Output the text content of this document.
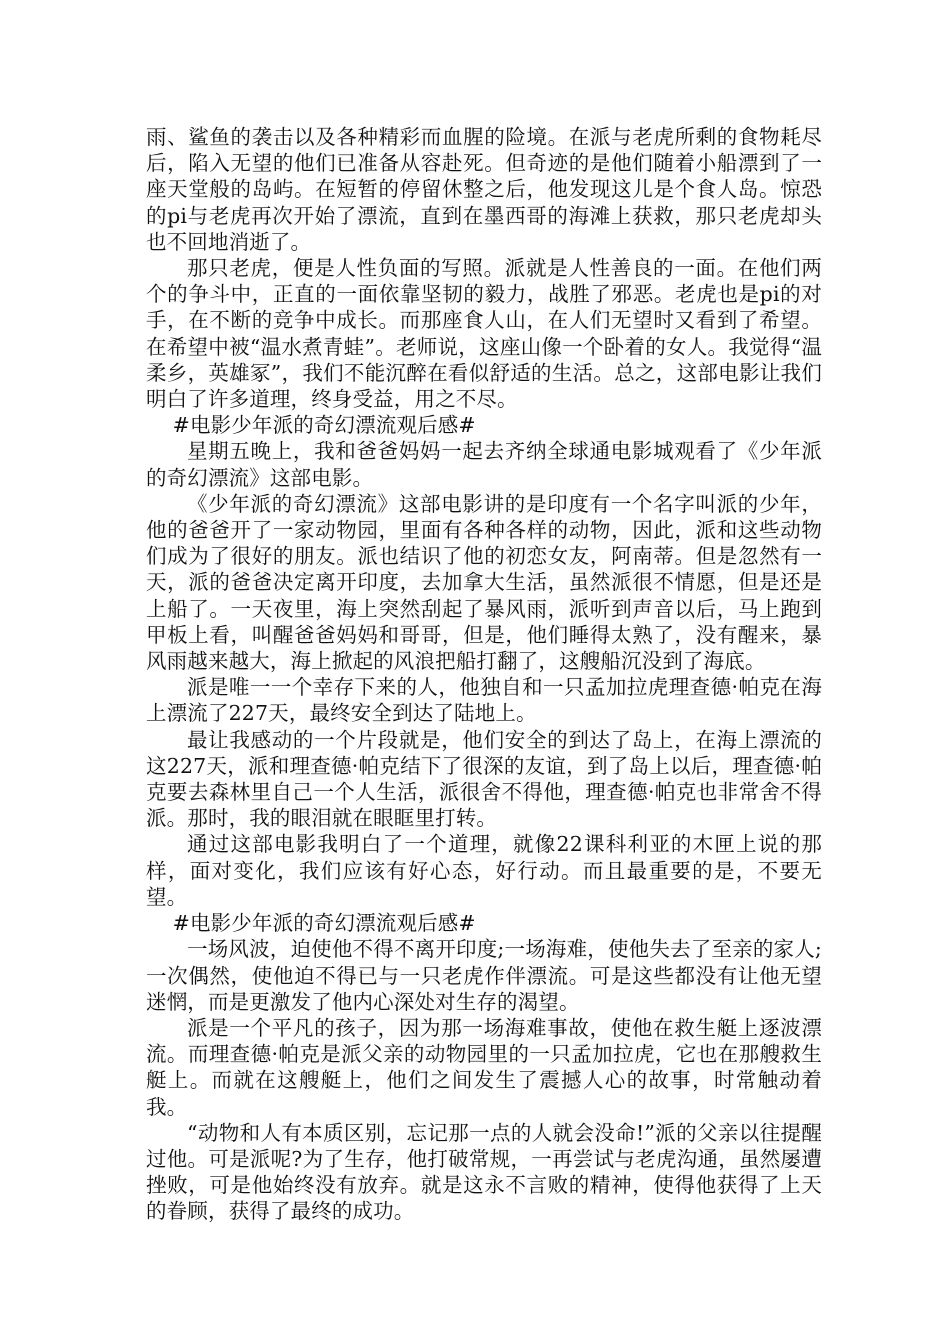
雨、鲨鱼的袭击以及各种精彩而血腥的险境。在派与老虎所剩的食物耗尽后，陷入无望的他们已准备从容赴死。但奇迹的是他们随着小船漂到了一座天堂般的岛屿。在短暂的停留休整之后，他发现这儿是个食人岛。惊恐的pi与老虎再次开始了漂流，直到在墨西哥的海滩上获救，那只老虎却头也不回地消逝了。

那只老虎，便是人性负面的写照。派就是人性善良的一面。在他们两个的争斗中，正直的一面依靠坚韧的毅力，战胜了邪恶。老虎也是pi的对手，在不断的竞争中成长。而那座食人山，在人们无望时又看到了希望。在希望中被“温水煮青蛙”。老师说，这座山像一个卧着的女人。我觉得“温柔乡，英雄冢”，我们不能沉醉在看似舒适的生活。总之，这部电影让我们明白了许多道理，终身受益，用之不尽。

#电影少年派的奇幻漂流观后感#

星期五晚上，我和爸爸妈妈一起去齐纳全球通电影城观看了《少年派的奇幻漂流》这部电影。

《少年派的奇幻漂流》这部电影讲的是印度有一个名字叫派的少年，他的爸爸开了一家动物园，里面有各种各样的动物，因此，派和这些动物们成为了很好的朋友。派也结识了他的初恋女友，阿南蒂。但是忽然有一天，派的爸爸决定离开印度，去加拿大生活，虽然派很不情愿，但是还是上船了。一天夜里，海上突然刮起了暴风雨，派听到声音以后，马上跑到甲板上看，叫醒爸爸妈妈和哥哥，但是，他们睡得太熟了，没有醒来，暴风雨越来越大，海上掀起的风浪把船打翻了，这艘船沉没到了海底。

派是唯一一个幸存下来的人，他独自和一只孟加拉虎理查德·帕克在海上漂流了227天，最终安全到达了陆地上。

最让我感动的一个片段就是，他们安全的到达了岛上，在海上漂流的这227天，派和理查德·帕克结下了很深的友谊，到了岛上以后，理查德·帕克要去森林里自己一个人生活，派很舍不得他，理查德·帕克也非常舍不得派。那时，我的眼泪就在眼眶里打转。

通过这部电影我明白了一个道理，就像22课科利亚的木匣上说的那样，面对变化，我们应该有好心态，好行动。而且最重要的是，不要无望。

#电影少年派的奇幻漂流观后感#

一场风波，迫使他不得不离开印度;一场海难，使他失去了至亲的家人;一次偶然，使他迫不得已与一只老虎作伴漂流。可是这些都没有让他无望迷惘，而是更激发了他内心深处对生存的渴望。

派是一个平凡的孩子，因为那一场海难事故，使他在救生艇上逐波漂流。而理查德·帕克是派父亲的动物园里的一只孟加拉虎，它也在那艘救生艇上。而就在这艘艇上，他们之间发生了震撼人心的故事，时常触动着我。

“动物和人有本质区别，忘记那一点的人就会没命!”派的父亲以往提醒过他。可是派呢?为了生存，他打破常规，一再尝试与老虎沟通，虽然屡遭挫败，可是他始终没有放弃。就是这永不言败的精神，使得他获得了上天的眷顾，获得了最终的成功。
